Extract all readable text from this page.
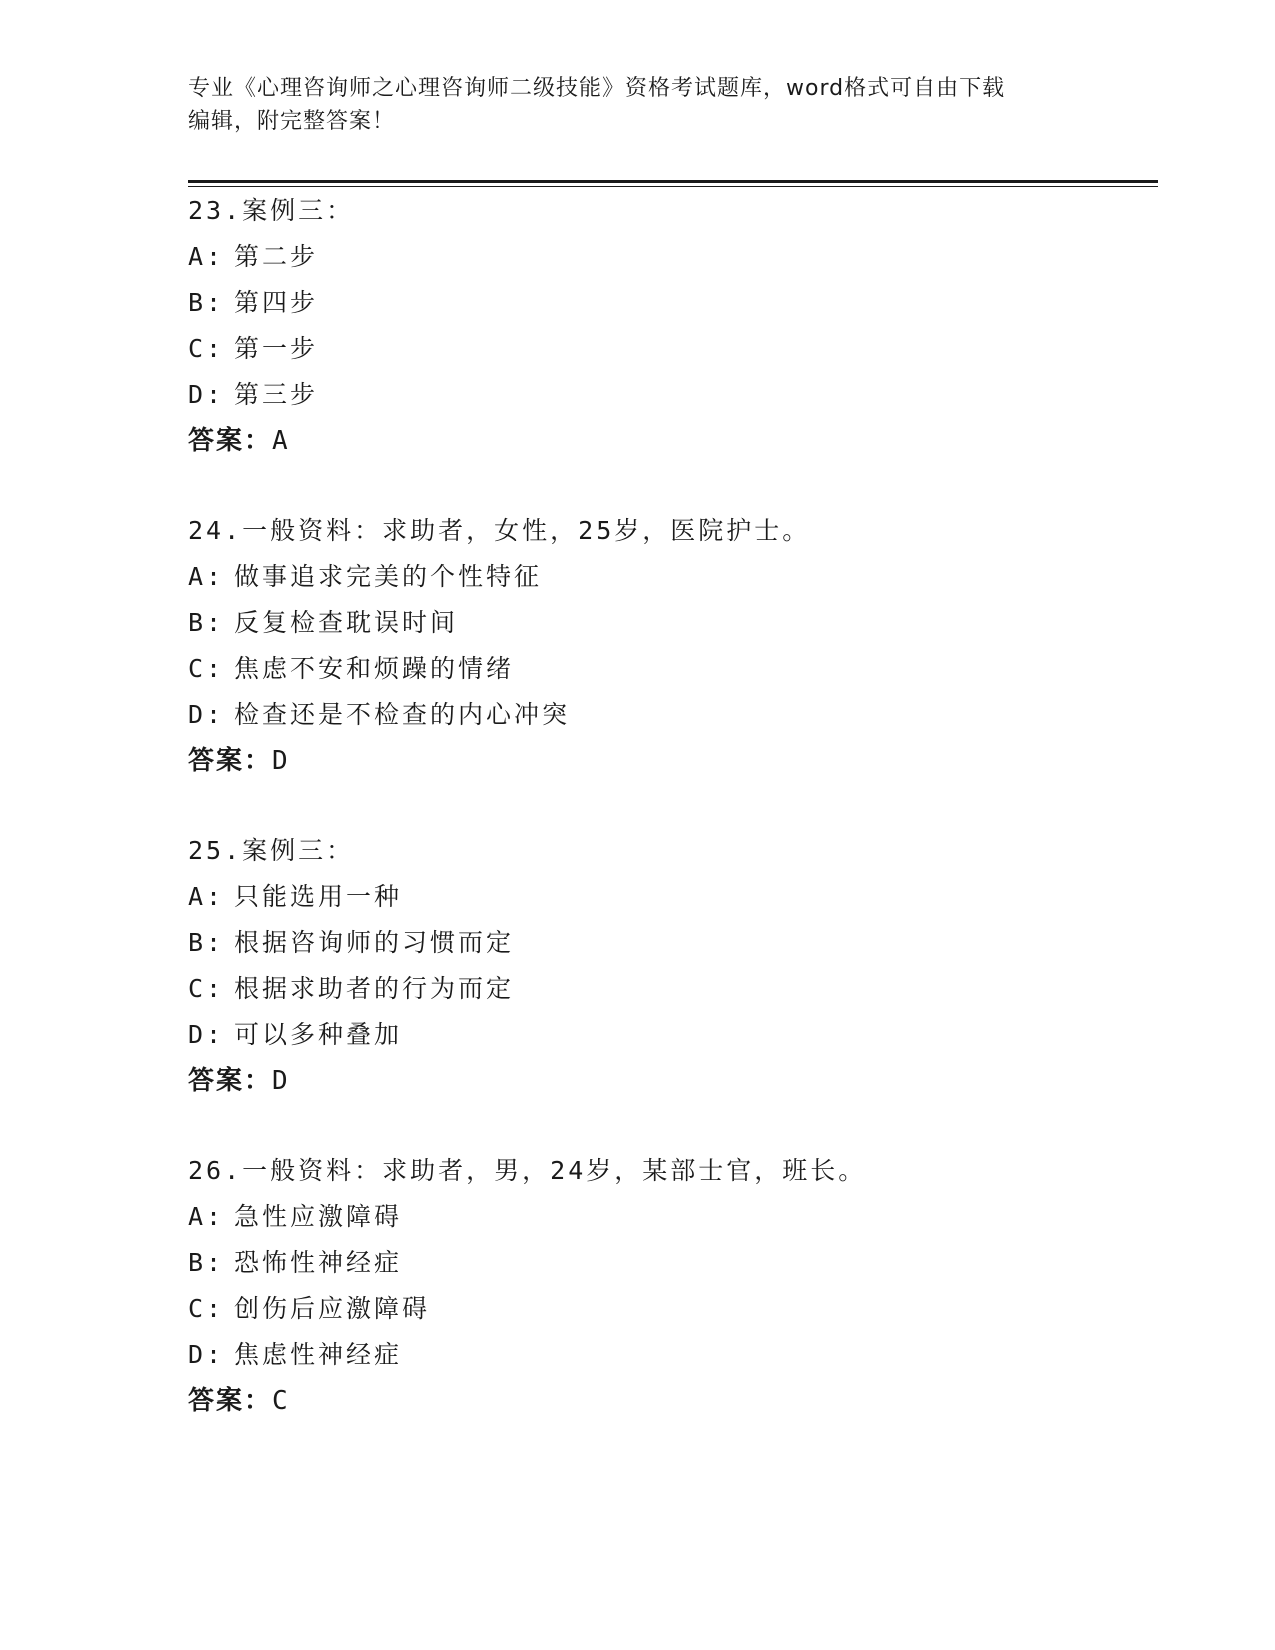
专业《心理咨询师之心理咨询师二级技能》资格考试题库，word格式可自由下载
编辑，附完整答案！
23.案例三：
A: 第二步
B: 第四步
C: 第一步
D: 第三步
答案：A
24.一般资料：求助者，女性，25岁，医院护士。
A: 做事追求完美的个性特征
B: 反复检查耽误时间
C: 焦虑不安和烦躁的情绪
D: 检查还是不检查的内心冲突
答案：D
25.案例三：
A: 只能选用一种
B: 根据咨询师的习惯而定
C: 根据求助者的行为而定
D: 可以多种叠加
答案：D
26.一般资料：求助者，男，24岁，某部士官，班长。
A: 急性应激障碍
B: 恐怖性神经症
C: 创伤后应激障碍
D: 焦虑性神经症
答案：C
